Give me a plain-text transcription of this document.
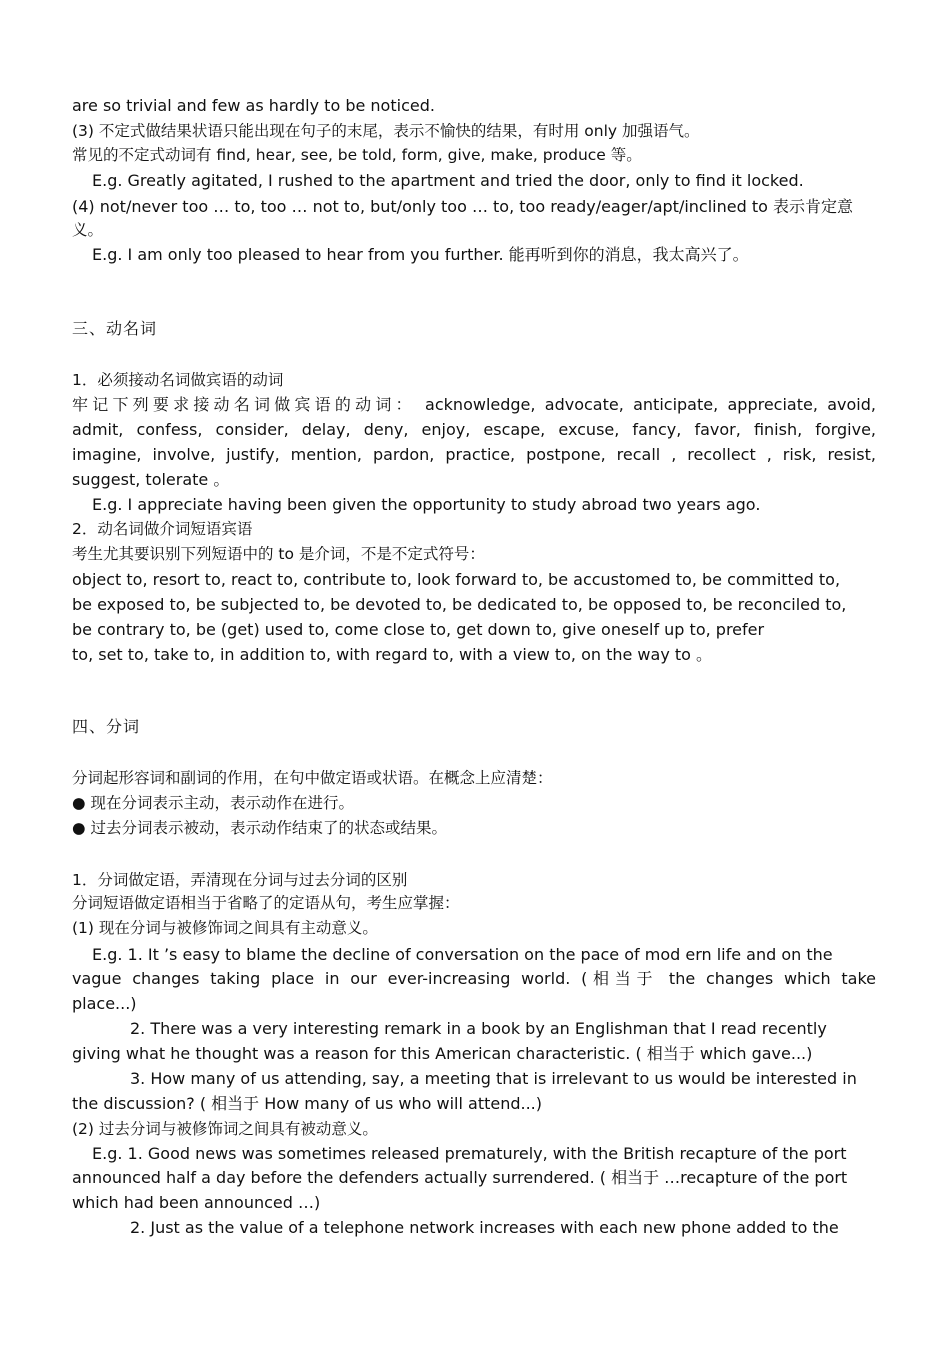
are so trivial and few as hardly to be noticed.
(3) 不定式做结果状语只能出现在句子的末尾，表示不愉快的结果，有时用 only 加强语气。
常见的不定式动词有 find, hear, see, be told, form, give, make, produce 等。
E.g. Greatly agitated, I rushed to the apartment and tried the door, only to find it locked.
(4) not/never too … to, too … not to, but/only too … to, too ready/eager/apt/inclined to 表示肯定意
义。
E.g. I am only too pleased to hear from you further. 能再听到你的消息，我太高兴了。
三、动名词
1．必须接动名词做宾语的动词
牢记下列要求接动名词做宾语的动词： acknowledge, advocate, anticipate, appreciate, avoid,
admit, confess, consider, delay, deny, enjoy, escape, excuse, fancy, favor, finish, forgive,
imagine, involve, justify, mention, pardon, practice, postpone, recall , recollect , risk, resist,
suggest, tolerate 。
E.g. I appreciate having been given the opportunity to study abroad two years ago.
2．动名词做介词短语宾语
考生尤其要识别下列短语中的 to 是介词，不是不定式符号：
object to, resort to, react to, contribute to, look forward to, be accustomed to, be committed to,
be exposed to, be subjected to, be devoted to, be dedicated to, be opposed to, be reconciled to,
be contrary to, be (get) used to, come close to, get down to, give oneself up to, prefer
to, set to, take to, in addition to, with regard to, with a view to, on the way to 。
四、分词
分词起形容词和副词的作用，在句中做定语或状语。在概念上应清楚：
● 现在分词表示主动，表示动作在进行。
● 过去分词表示被动，表示动作结束了的状态或结果。
1．分词做定语，弄清现在分词与过去分词的区别
分词短语做定语相当于省略了的定语从句，考生应掌握：
(1) 现在分词与被修饰词之间具有主动意义。
E.g. 1. It ’s easy to blame the decline of conversation on the pace of mod ern life and on the
vague changes taking place in our ever-increasing world. (相当于 the changes which take
place...)
2. There was a very interesting remark in a book by an Englishman that I read recently
giving what he thought was a reason for this American characteristic. ( 相当于 which gave...)
3. How many of us attending, say, a meeting that is irrelevant to us would be interested in
the discussion? ( 相当于 How many of us who will attend...)
(2) 过去分词与被修饰词之间具有被动意义。
E.g. 1. Good news was sometimes released prematurely, with the British recapture of the port
announced half a day before the defenders actually surrendered. ( 相当于 …recapture of the port
which had been announced …)
2. Just as the value of a telephone network increases with each new phone added to the
